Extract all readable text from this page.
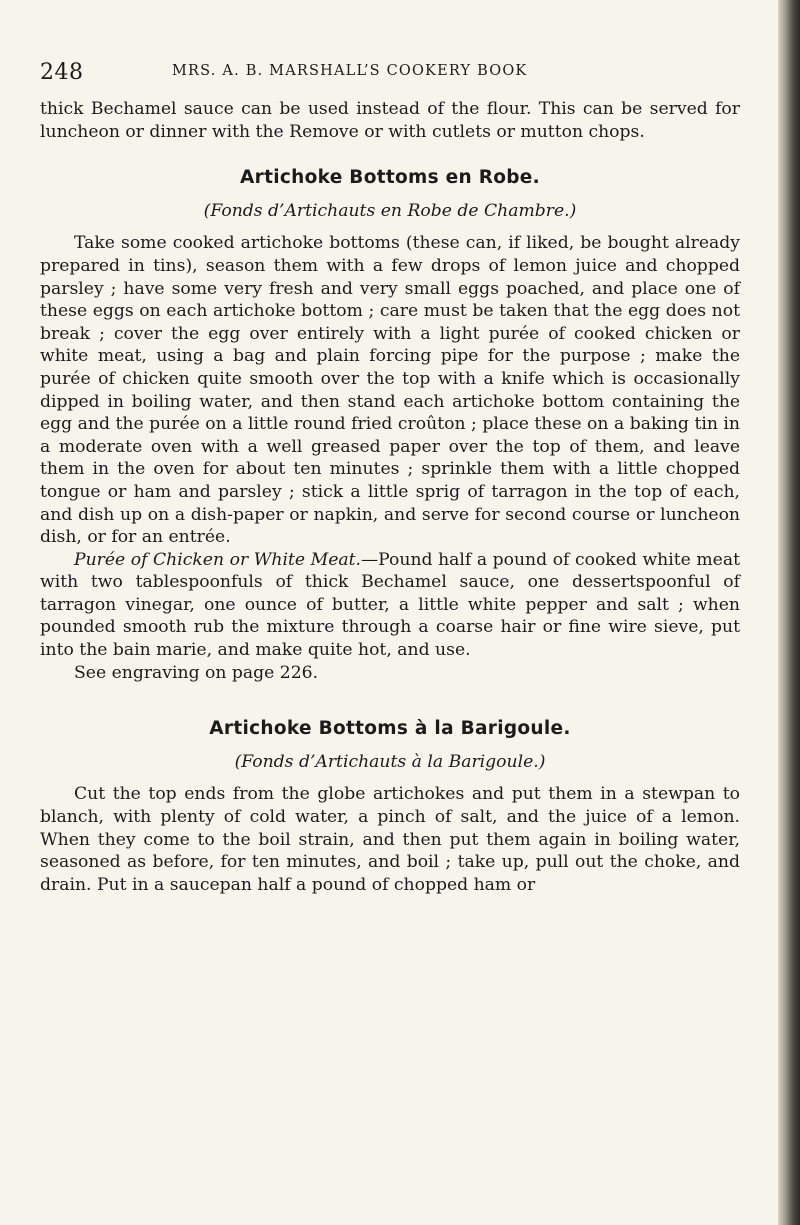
248	MRS. A. B. MARSHALL’S COOKERY BOOK

thick Bechamel sauce can be used instead of the flour. This can be served for luncheon or dinner with the Remove or with cutlets or mutton chops.

Artichoke Bottoms en Robe.

(Fonds d’Artichauts en Robe de Chambre.)

Take some cooked artichoke bottoms (these can, if liked, be bought already prepared in tins), season them with a few drops of lemon juice and chopped parsley ; have some very fresh and very small eggs poached, and place one of these eggs on each artichoke bottom ; care must be taken that the egg does not break ; cover the egg over entirely with a light purée of cooked chicken or white meat, using a bag and plain forcing pipe for the purpose ; make the purée of chicken quite smooth over the top with a knife which is occasionally dipped in boiling water, and then stand each artichoke bottom containing the egg and the purée on a little round fried croûton ; place these on a baking tin in a moderate oven with a well greased paper over the top of them, and leave them in the oven for about ten minutes ; sprinkle them with a little chopped tongue or ham and parsley ; stick a little sprig of tarragon in the top of each, and dish up on a dish-paper or napkin, and serve for second course or luncheon dish, or for an entrée.

Purée of Chicken or White Meat.—Pound half a pound of cooked white meat with two tablespoonfuls of thick Bechamel sauce, one dessertspoonful of tarragon vinegar, one ounce of butter, a little white pepper and salt ; when pounded smooth rub the mixture through a coarse hair or fine wire sieve, put into the bain marie, and make quite hot, and use.

See engraving on page 226.

Artichoke Bottoms à la Barigoule.

(Fonds d’Artichauts à la Barigoule.)

Cut the top ends from the globe artichokes and put them in a stewpan to blanch, with plenty of cold water, a pinch of salt, and the juice of a lemon. When they come to the boil strain, and then put them again in boiling water, seasoned as before, for ten minutes, and boil ; take up, pull out the choke, and drain. Put in a saucepan half a pound of chopped ham or
